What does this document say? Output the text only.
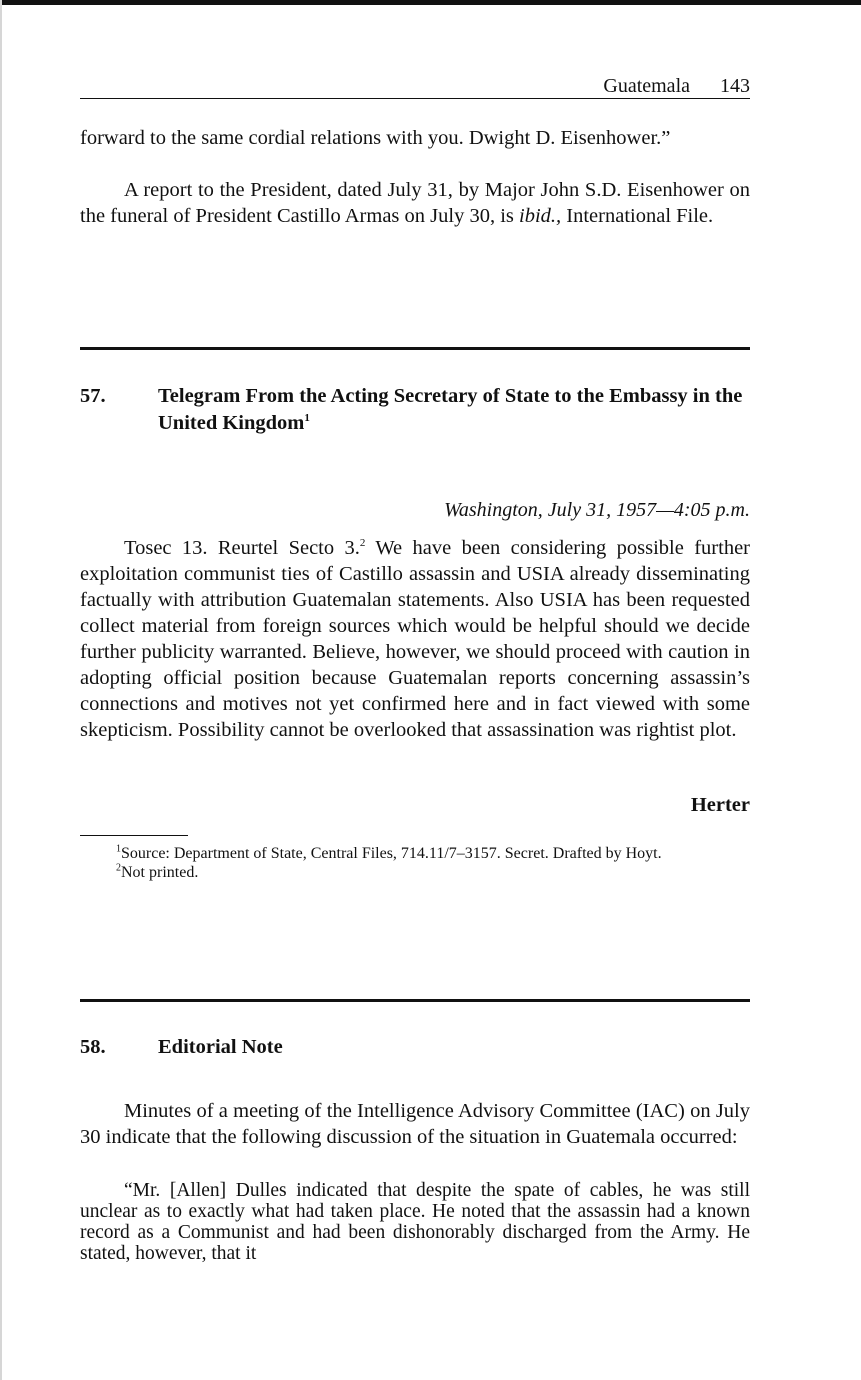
Guatemala 143

forward to the same cordial relations with you. Dwight D. Eisenhower.”

A report to the President, dated July 31, by Major John S.D. Eisenhower on the funeral of President Castillo Armas on July 30, is ibid., International File.

57.	Telegram From the Acting Secretary of State to the Embassy in the United Kingdom$^1$
Washington, July 31, 1957—4:05 p.m.

Tosec 13. Reurtel Secto 3.$^2$ We have been considering possible further exploitation communist ties of Castillo assassin and USIA already disseminating factually with attribution Guatemalan statements. Also USIA has been requested collect material from foreign sources which would be helpful should we decide further publicity warranted. Believe, however, we should proceed with caution in adopting official position because Guatemalan reports concerning assassin’s connections and motives not yet confirmed here and in fact viewed with some skepticism. Possibility cannot be overlooked that assassination was rightist plot.

Herter

$^1$Source: Department of State, Central Files, 714.11/7–3157. Secret. Drafted by Hoyt.

$^2$Not printed.

58.	Editorial Note

Minutes of a meeting of the Intelligence Advisory Committee (IAC) on July 30 indicate that the following discussion of the situation in Guatemala occurred:

“Mr. [Allen] Dulles indicated that despite the spate of cables, he was still unclear as to exactly what had taken place. He noted that the assassin had a known record as a Communist and had been dishonorably discharged from the Army. He stated, however, that it
